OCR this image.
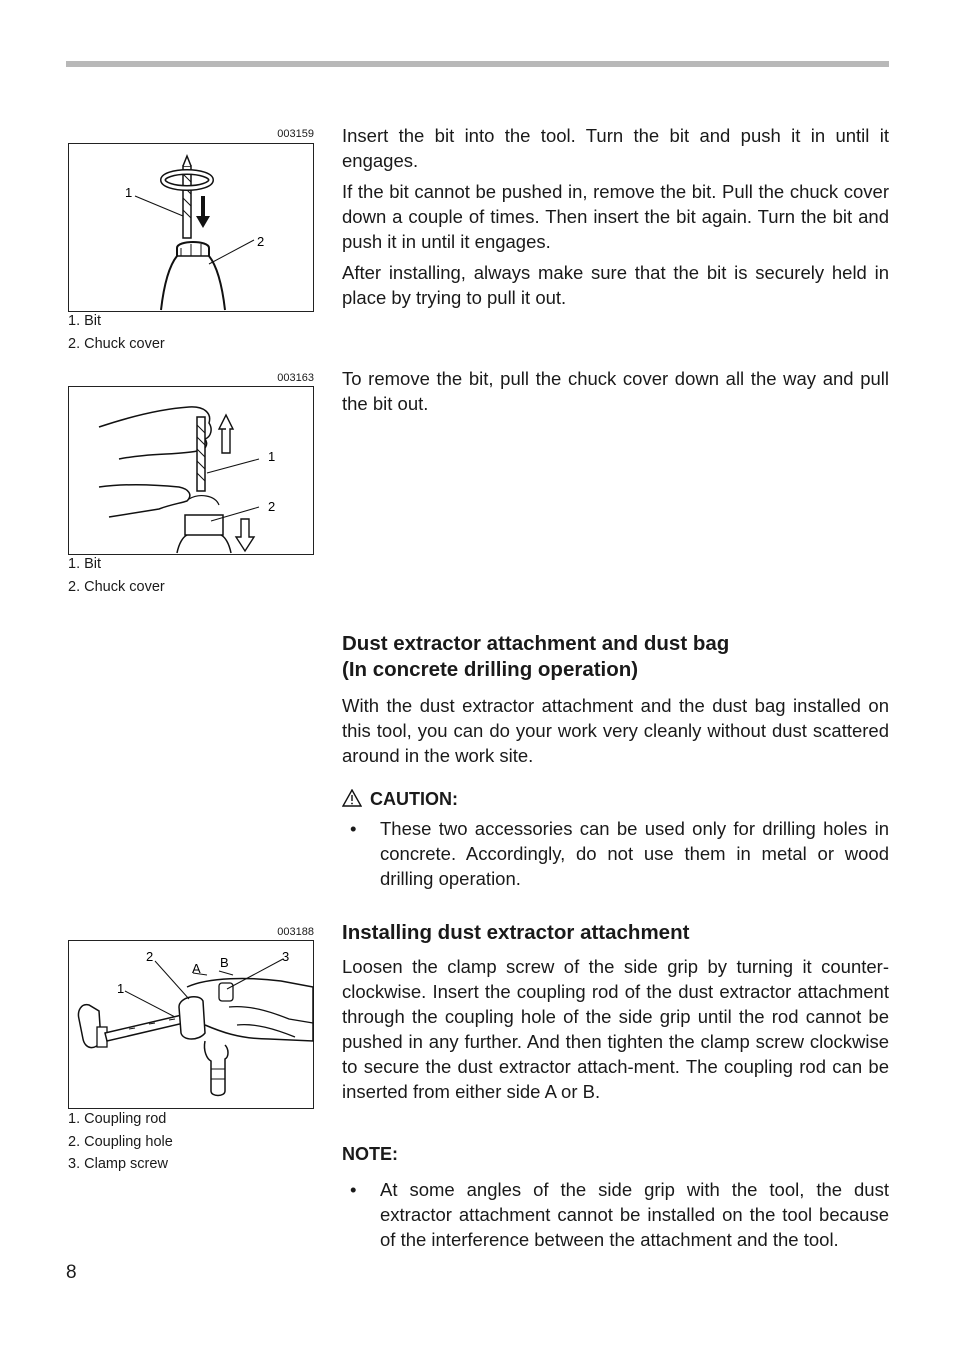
003159
1
2
1. Bit
2. Chuck cover

Insert the bit into the tool. Turn the bit and push it in until it engages.

If the bit cannot be pushed in, remove the bit. Pull the chuck cover down a couple of times. Then insert the bit again. Turn the bit and push it in until it engages.

After installing, always make sure that the bit is securely held in place by trying to pull it out.

003163
1
2
1. Bit
2. Chuck cover

To remove the bit, pull the chuck cover down all the way and pull the bit out.

Dust extractor attachment and dust bag
(In concrete drilling operation)

With the dust extractor attachment and the dust bag installed on this tool, you can do your work very cleanly without dust scattered around in the work site.

CAUTION:
• These two accessories can be used only for drilling holes in concrete. Accordingly, do not use them in metal or wood drilling operation.
003188
1
2	3
A B
1. Coupling rod
2. Coupling hole
3. Clamp screw
Installing dust extractor attachment

Loosen the clamp screw of the side grip by turning it counter-clockwise. Insert the coupling rod of the dust extractor attachment through the coupling hole of the side grip until the rod cannot be pushed in any further. And then tighten the clamp screw clockwise to secure the dust extractor attach-ment. The coupling rod can be inserted from either side A or B.

NOTE:
• At some angles of the side grip with the tool, the dust extractor attachment cannot be installed on the tool because of the interference between the attachment and the tool.
8
